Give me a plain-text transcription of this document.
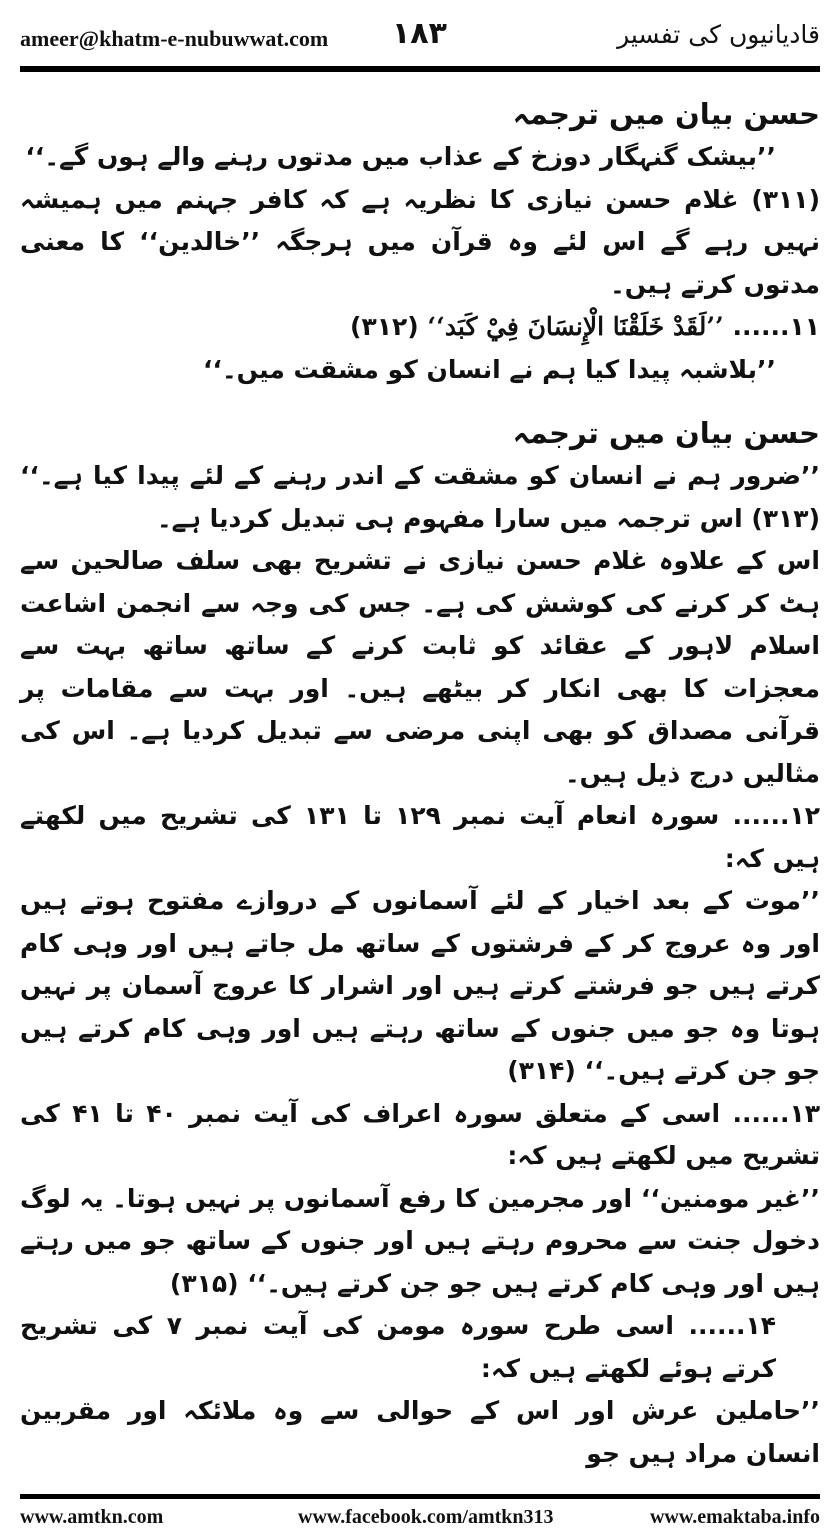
ameer@khatm-e-nubuwwat.com ۱۸۳	قادیانیوں کی تفسیر

حسن بیان میں ترجمہ

’’بیشک گنہگار دوزخ کے عذاب میں مدتوں رہنے والے ہوں گے۔‘‘

(۳۱۱) غلام حسن نیازی کا نظریہ ہے کہ کافر جہنم میں ہمیشہ نہیں رہے گے اس لئے وہ قرآن میں ہرجگہ ’’خالدین‘‘ کا معنی مدتوں کرتے ہیں۔

۱۱...... ’’لَقَدْ خَلَقْنَا الْإِنسَانَ فِيْ كَبَد‘‘ (۳۱۲)

’’بلاشبہ پیدا کیا ہم نے انسان کو مشقت میں۔‘‘

حسن بیان میں ترجمہ

’’ضرور ہم نے انسان کو مشقت کے اندر رہنے کے لئے پیدا کیا ہے۔‘‘ (۳۱۳) اس ترجمہ میں سارا مفہوم ہی تبدیل کردیا ہے۔

اس کے علاوہ غلام حسن نیازی نے تشریح بھی سلف صالحین سے ہٹ کر کرنے کی کوشش کی ہے۔ جس کی وجہ سے انجمن اشاعت اسلام لاہور کے عقائد کو ثابت کرنے کے ساتھ ساتھ بہت سے معجزات کا بھی انکار کر بیٹھے ہیں۔ اور بہت سے مقامات پر قرآنی مصداق کو بھی اپنی مرضی سے تبدیل کردیا ہے۔ اس کی مثالیں درج ذیل ہیں۔

۱۲...... سورہ انعام آیت نمبر ۱۲۹ تا ۱۳۱ کی تشریح میں لکھتے ہیں کہ:

’’موت کے بعد اخیار کے لئے آسمانوں کے دروازے مفتوح ہوتے ہیں اور وہ عروج کر کے فرشتوں کے ساتھ مل جاتے ہیں اور وہی کام کرتے ہیں جو فرشتے کرتے ہیں اور اشرار کا عروج آسمان پر نہیں ہوتا وہ جو میں جنوں کے ساتھ رہتے ہیں اور وہی کام کرتے ہیں جو جن کرتے ہیں۔‘‘ (۳۱۴)

۱۳...... اسی کے متعلق سورہ اعراف کی آیت نمبر ۴۰ تا ۴۱ کی تشریح میں لکھتے ہیں کہ:

’’غیر مومنین‘‘ اور مجرمین کا رفع آسمانوں پر نہیں ہوتا۔ یہ لوگ دخول جنت سے محروم رہتے ہیں اور جنوں کے ساتھ جو میں رہتے ہیں اور وہی کام کرتے ہیں جو جن کرتے ہیں۔‘‘ (۳۱۵)

۱۴...... اسی طرح سورہ مومن کی آیت نمبر ۷ کی تشریح کرتے ہوئے لکھتے ہیں کہ:

’’حاملین عرش اور اس کے حوالی سے وہ ملائکہ اور مقربین انسان مراد ہیں جو

www.amtkn.com	www.facebook.com/amtkn313	www.emaktaba.info
